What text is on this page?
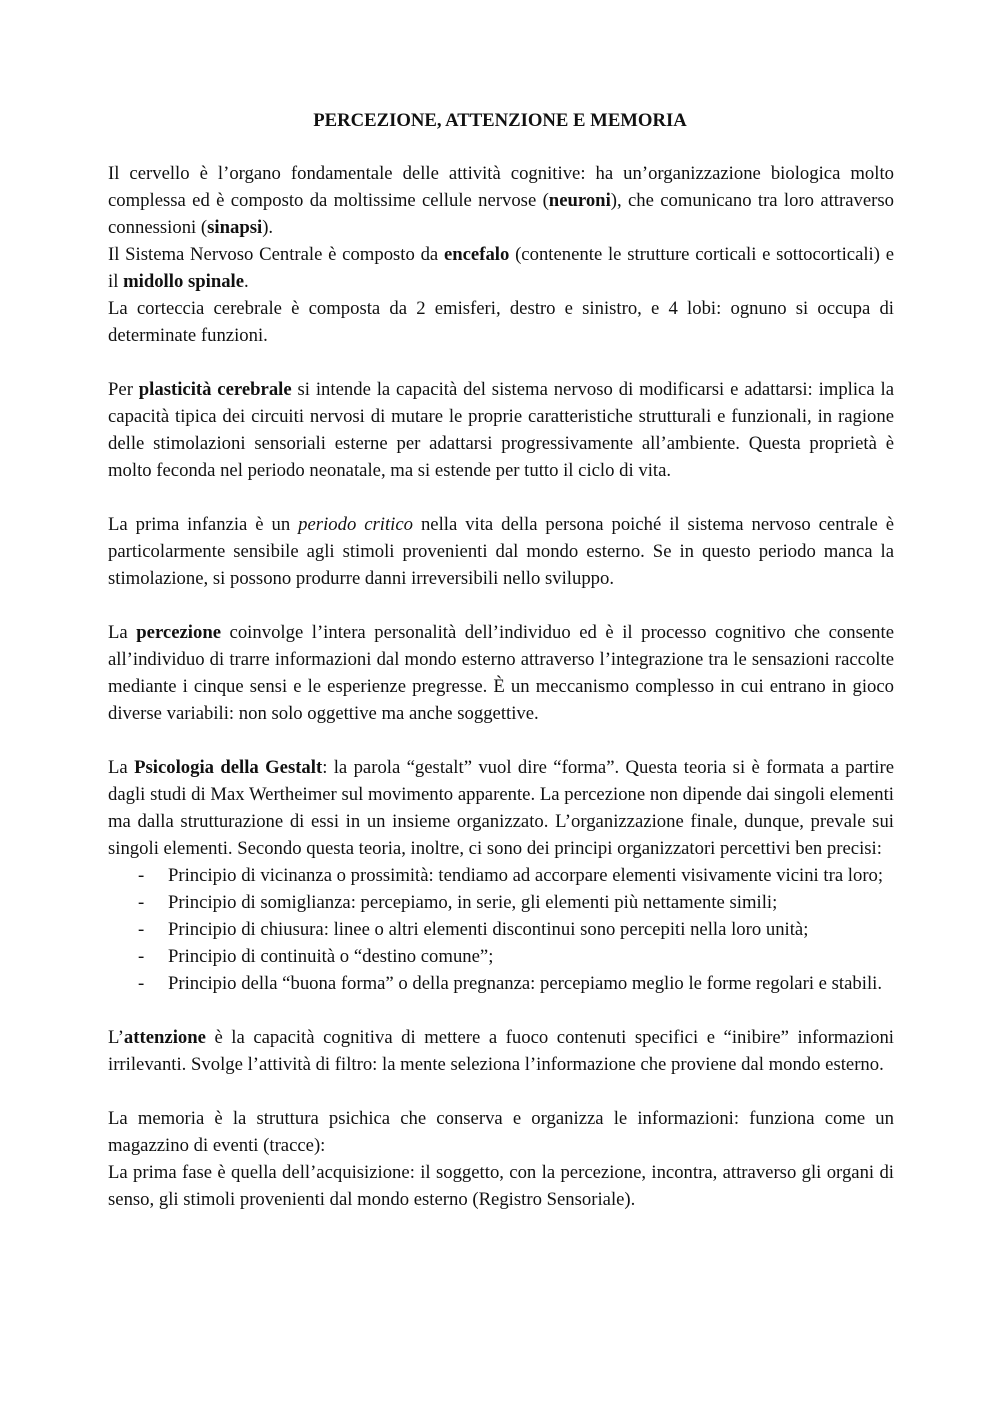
PERCEZIONE, ATTENZIONE E MEMORIA

Il cervello è l’organo fondamentale delle attività cognitive: ha un’organizzazione biologica molto complessa ed è composto da moltissime cellule nervose (neuroni), che comunicano tra loro attraverso connessioni (sinapsi).

Il Sistema Nervoso Centrale è composto da encefalo (contenente le strutture corticali e sottocorticali) e il midollo spinale.

La corteccia cerebrale è composta da 2 emisferi, destro e sinistro, e 4 lobi: ognuno si occupa di determinate funzioni.

Per plasticità cerebrale si intende la capacità del sistema nervoso di modificarsi e adattarsi: implica la capacità tipica dei circuiti nervosi di mutare le proprie caratteristiche strutturali e funzionali, in ragione delle stimolazioni sensoriali esterne per adattarsi progressivamente all’ambiente. Questa proprietà è molto feconda nel periodo neonatale, ma si estende per tutto il ciclo di vita.

La prima infanzia è un periodo critico nella vita della persona poiché il sistema nervoso centrale è particolarmente sensibile agli stimoli provenienti dal mondo esterno. Se in questo periodo manca la stimolazione, si possono produrre danni irreversibili nello sviluppo.

La percezione coinvolge l’intera personalità dell’individuo ed è il processo cognitivo che consente all’individuo di trarre informazioni dal mondo esterno attraverso l’integrazione tra le sensazioni raccolte mediante i cinque sensi e le esperienze pregresse. È un meccanismo complesso in cui entrano in gioco diverse variabili: non solo oggettive ma anche soggettive.

La Psicologia della Gestalt: la parola “gestalt” vuol dire “forma”. Questa teoria si è formata a partire dagli studi di Max Wertheimer sul movimento apparente. La percezione non dipende dai singoli elementi ma dalla strutturazione di essi in un insieme organizzato. L’organizzazione finale, dunque, prevale sui singoli elementi. Secondo questa teoria, inoltre, ci sono dei principi organizzatori percettivi ben precisi:

- Principio di vicinanza o prossimità: tendiamo ad accorpare elementi visivamente vicini tra loro;
- Principio di somiglianza: percepiamo, in serie, gli elementi più nettamente simili;
- Principio di chiusura: linee o altri elementi discontinui sono percepiti nella loro unità;
- Principio di continuità o “destino comune”;
- Principio della “buona forma” o della pregnanza: percepiamo meglio le forme regolari e stabili.

L’attenzione è la capacità cognitiva di mettere a fuoco contenuti specifici e “inibire” informazioni irrilevanti. Svolge l’attività di filtro: la mente seleziona l’informazione che proviene dal mondo esterno.

La memoria è la struttura psichica che conserva e organizza le informazioni: funziona come un magazzino di eventi (tracce):

La prima fase è quella dell’acquisizione: il soggetto, con la percezione, incontra, attraverso gli organi di senso, gli stimoli provenienti dal mondo esterno (Registro Sensoriale).
